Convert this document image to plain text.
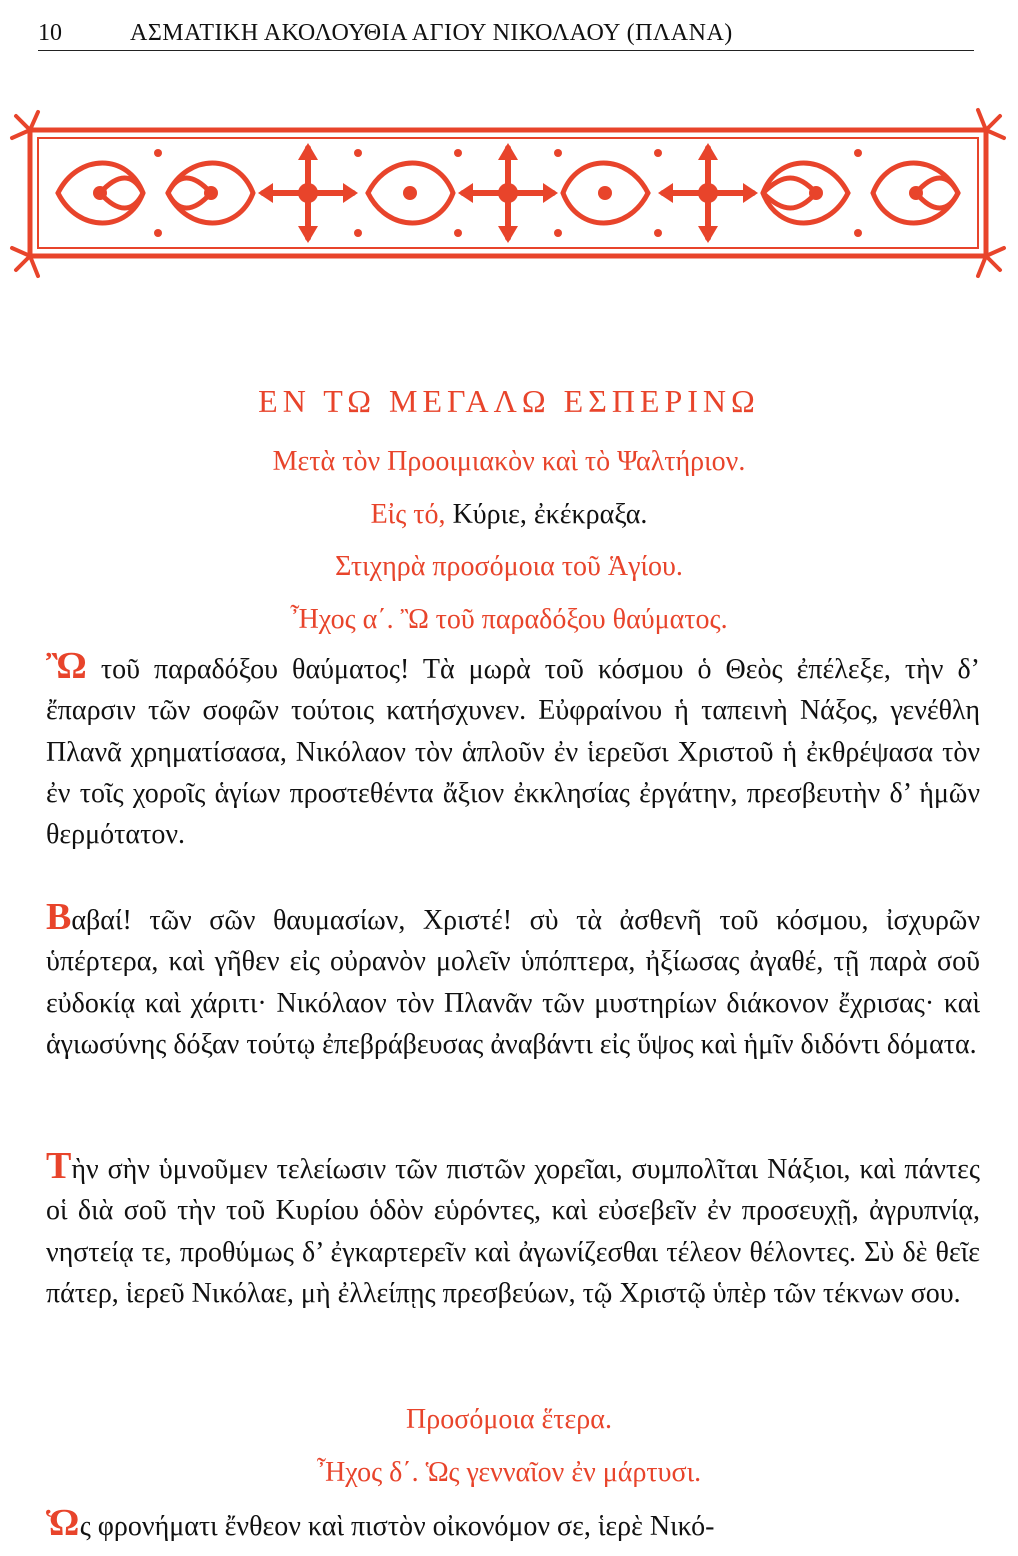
10	ΑΣΜΑΤΙΚΗ ΑΚΟΛΟΥΘΙΑ ΑΓΙΟΥ ΝΙΚΟΛΑΟΥ (ΠΛΑΝΑ)
ΕΝ ΤΩ ΜΕΓΑΛΩ ΕΣΠΕΡΙΝΩ
Μετὰ τὸν Προοιμιακὸν καὶ τὸ Ψαλτήριον.
Εἰς τό, Κύριε, ἐκέκραξα.
Στιχηρὰ προσόμοια τοῦ Ἁγίου.
Ἦχος α΄. Ὢ τοῦ παραδόξου θαύματος.
Ὢ τοῦ παραδόξου θαύματος! Τὰ μωρὰ τοῦ κόσμου ὁ Θεὸς ἐπέλεξε, τὴν δ’ ἔπαρσιν τῶν σοφῶν τούτοις κατήσχυνεν. Εὐφραίνου ἡ ταπεινὴ Νάξος, γενέθλη Πλανᾶ χρηματίσασα, Νικόλαον τὸν ἁπλοῦν ἐν ἱερεῦσι Χριστοῦ ἡ ἐκθρέψασα τὸν ἐν τοῖς χοροῖς ἁγίων προστεθέντα ἄξιον ἐκκλησίας ἐργάτην, πρεσβευτὴν δ’ ἡμῶν θερμότατον.
Βαβαί! τῶν σῶν θαυμασίων, Χριστέ! σὺ τὰ ἀσθενῆ τοῦ κόσμου, ἰσχυρῶν ὑπέρτερα, καὶ γῆθεν εἰς οὐρανὸν μολεῖν ὑπόπτερα, ἠξίωσας ἀγαθέ, τῇ παρὰ σοῦ εὐδοκίᾳ καὶ χάριτι· Νικόλαον τὸν Πλανᾶν τῶν μυστηρίων διάκονον ἔχρισας· καὶ ἁγιωσύνης δόξαν τούτῳ ἐπεβράβευσας ἀναβάντι εἰς ὕψος καὶ ἡμῖν διδόντι δόματα.
Τὴν σὴν ὑμνοῦμεν τελείωσιν τῶν πιστῶν χορεῖαι, συμπολῖται Νάξιοι, καὶ πάντες οἱ διὰ σοῦ τὴν τοῦ Κυρίου ὁδὸν εὑρόντες, καὶ εὐσεβεῖν ἐν προσευχῇ, ἀγρυπνίᾳ, νηστείᾳ τε, προθύμως δ’ ἐγκαρτερεῖν καὶ ἀγωνίζεσθαι τέλεον θέλοντες. Σὺ δὲ θεῖε πάτερ, ἱερεῦ Νικόλαε, μὴ ἐλλείπῃς πρεσβεύων, τῷ Χριστῷ ὑπὲρ τῶν τέκνων σου.
Προσόμοια ἕτερα.
Ἦχος δ΄. Ὡς γενναῖον ἐν μάρτυσι.
Ὡς φρονήματι ἔνθεον καὶ πιστὸν οἰκονόμον σε, ἱερὲ Νικό-
